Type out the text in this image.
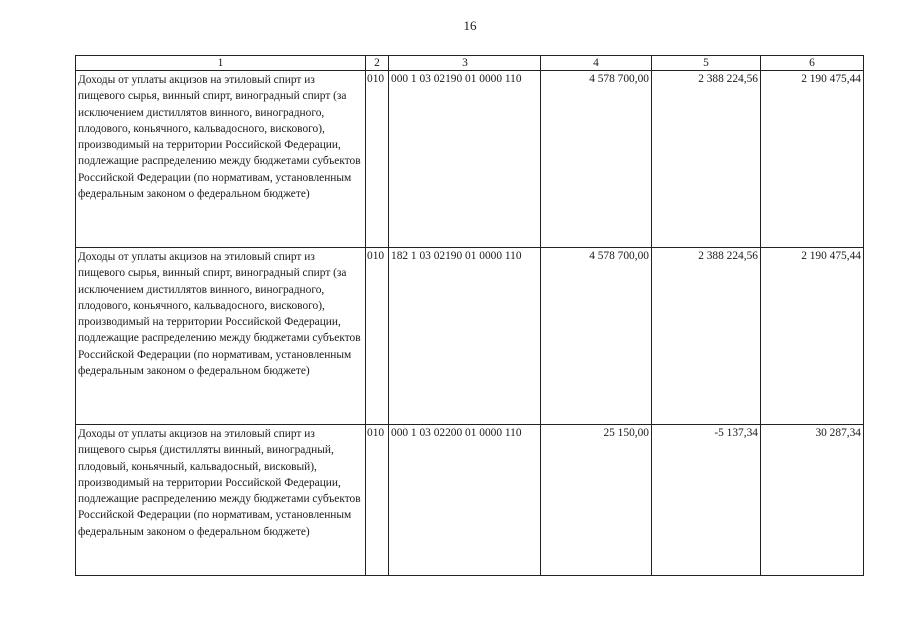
16
1	2	3	4	5	6

Доходы от уплаты акцизов на этиловый спирт из пищевого сырья, винный спирт, виноградный спирт (за исключением дистиллятов винного, виноградного, плодового, коньячного, кальвадосного, вискового), производимый на территории Российской Федерации, подлежащие распределению между бюджетами субъектов Российской Федерации (по нормативам, установленным федеральным законом о федеральном бюджете)	010	000 1 03 02190 01 0000 110	4 578 700,00	2 388 224,56	2 190 475,44

Доходы от уплаты акцизов на этиловый спирт из пищевого сырья, винный спирт, виноградный спирт (за исключением дистиллятов винного, виноградного, плодового, коньячного, кальвадосного, вискового), производимый на территории Российской Федерации, подлежащие распределению между бюджетами субъектов Российской Федерации (по нормативам, установленным федеральным законом о федеральном бюджете)	010	182 1 03 02190 01 0000 110	4 578 700,00	2 388 224,56	2 190 475,44

Доходы от уплаты акцизов на этиловый спирт из пищевого сырья (дистилляты винный, виноградный, плодовый, коньячный, кальвадосный, висковый), производимый на территории Российской Федерации, подлежащие распределению между бюджетами субъектов Российской Федерации (по нормативам, установленным федеральным законом о федеральном бюджете)	010	000 1 03 02200 01 0000 110	25 150,00	-5 137,34	30 287,34
